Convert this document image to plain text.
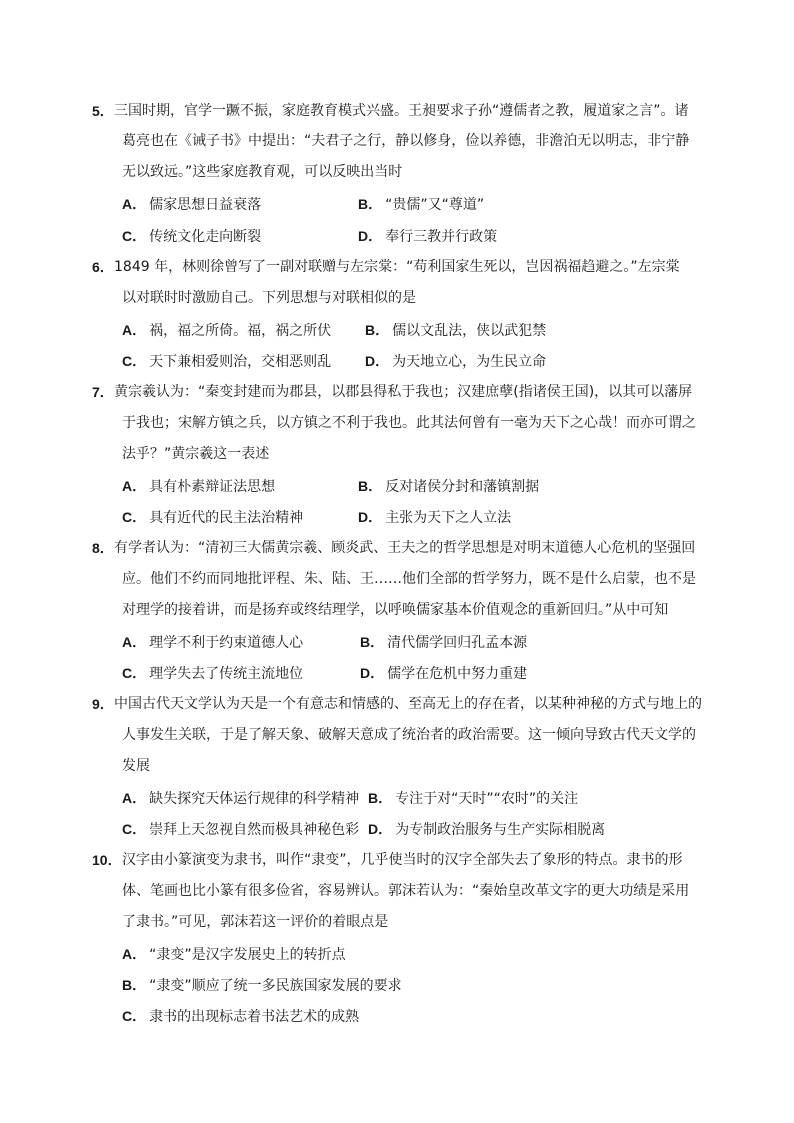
5． 三国时期，官学一蹶不振，家庭教育模式兴盛。王昶要求子孙“遵儒者之教，履道家之言”。诸
葛亮也在《诫子书》中提出：“夫君子之行，静以修身，俭以养德，非澹泊无以明志，非宁静
无以致远。”这些家庭教育观，可以反映出当时
A． 儒家思想日益衰落	B． “贵儒”又“尊道”
C． 传统文化走向断裂	D． 奉行三教并行政策
6． 1849 年，林则徐曾写了一副对联赠与左宗棠：“苟利国家生死以，岂因祸福趋避之。”左宗棠
以对联时时激励自己。下列思想与对联相似的是
A． 祸，福之所倚。福，祸之所伏 B． 儒以文乱法，侠以武犯禁
C． 天下兼相爱则治，交相恶则乱 D． 为天地立心，为生民立命
7． 黄宗羲认为：“秦变封建而为郡县，以郡县得私于我也；汉建庶孽(指诸侯王国)，以其可以藩屏
于我也；宋解方镇之兵，以方镇之不利于我也。此其法何曾有一毫为天下之心哉！而亦可谓之
法乎？”黄宗羲这一表述
A． 具有朴素辩证法思想	B． 反对诸侯分封和藩镇割据
C． 具有近代的民主法治精神	D． 主张为天下之人立法
8． 有学者认为：“清初三大儒黄宗羲、顾炎武、王夫之的哲学思想是对明末道德人心危机的坚强回
应。他们不约而同地批评程、朱、陆、王……他们全部的哲学努力，既不是什么启蒙，也不是
对理学的接着讲，而是扬弃或终结理学，以呼唤儒家基本价值观念的重新回归。”从中可知
A． 理学不利于约束道德人心	B． 清代儒学回归孔孟本源
C． 理学失去了传统主流地位	D． 儒学在危机中努力重建
9． 中国古代天文学认为天是一个有意志和情感的、至高无上的存在者，以某种神秘的方式与地上的
人事发生关联，于是了解天象、破解天意成了统治者的政治需要。这一倾向导致古代天文学的
发展
A． 缺失探究天体运行规律的科学精神 B． 专注于对“天时”“农时”的关注
C． 崇拜上天忽视自然而极具神秘色彩 D． 为专制政治服务与生产实际相脱离
10． 汉字由小篆演变为隶书，叫作“隶变”，几乎使当时的汉字全部失去了象形的特点。隶书的形
体、笔画也比小篆有很多俭省，容易辨认。郭沫若认为：“秦始皇改革文字的更大功绩是采用
了隶书。”可见，郭沫若这一评价的着眼点是
A． “隶变”是汉字发展史上的转折点
B． “隶变”顺应了统一多民族国家发展的要求
C． 隶书的出现标志着书法艺术的成熟
